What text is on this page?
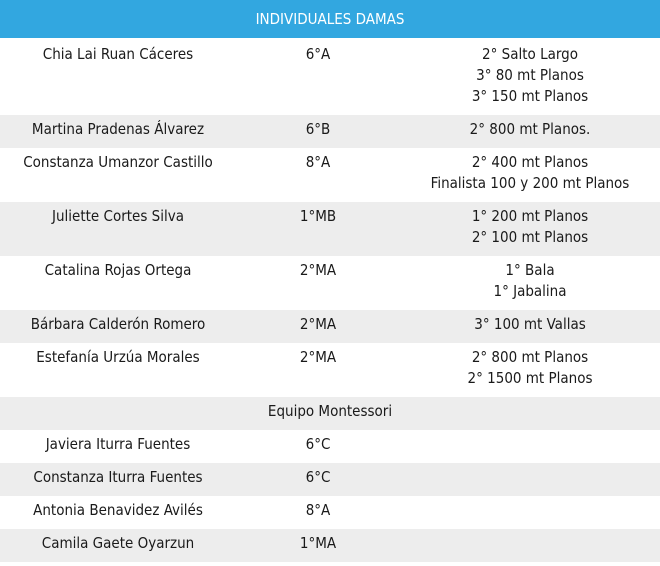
INDIVIDUALES DAMAS		
Chia Lai Ruan Cáceres	6°A	2° Salto Largo
3° 80 mt Planos
3° 150 mt Planos

Martina Pradenas Álvarez	6°B	2° 800 mt Planos.

Constanza Umanzor Castillo	8°A	2° 400 mt Planos
Finalista 100 y 200 mt Planos

Juliette Cortes Silva	1°MB	1° 200 mt Planos
2° 100 mt Planos

Catalina Rojas Ortega	2°MA	1° Bala
1° Jabalina

Bárbara Calderón Romero	2°MA	3° 100 mt Vallas

Estefanía Urzúa Morales	2°MA	2° 800 mt Planos
2° 1500 mt Planos

Equipo Montessori		
Javiera Iturra Fuentes	6°C	
Constanza Iturra Fuentes	6°C	
Antonia Benavidez Avilés	8°A	
Camila Gaete Oyarzun	1°MA	
